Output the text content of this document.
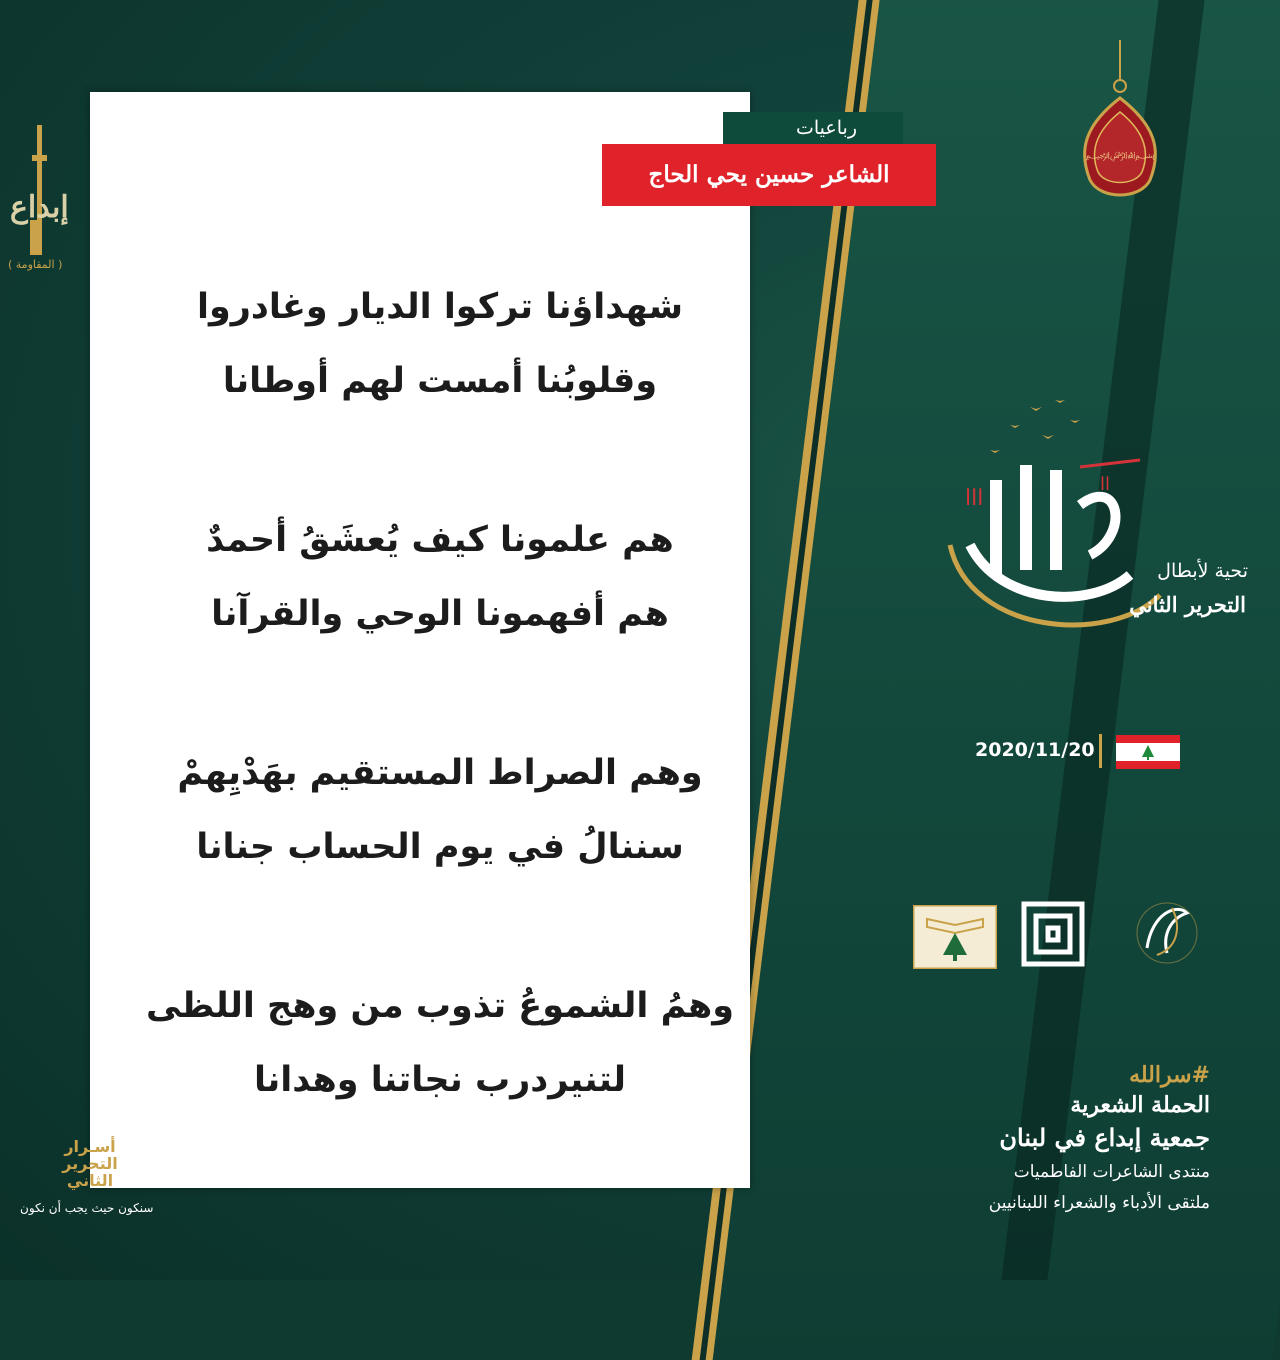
رباعيات
الشاعر حسين يحي الحاج
شهداؤنا تركوا الديار وغادروا
وقلوبُنا أمست لهم أوطانا
هم علمونا كيف يُعشَقُ أحمدٌ
هم أفهمونا الوحي والقرآنا
وهم الصراط المستقيم بهَدْيِهمْ
سننالُ في يوم الحساب جنانا
وهمُ الشموعُ تذوب من وهج اللظى
لتنيردرب نجاتنا وهدانا
إبداع
( المقاومة )
أسـرار
التحرير
الثاني
سنكون حيث يجب أن نكون
﷽
ااا
اا
تحية لأبطال
التحرير الثاني
2020/11/20
#سرالله
الحملة الشعرية
جمعية إبداع في لبنان
منتدى الشاعرات الفاطميات
ملتقى الأدباء والشعراء اللبنانيين
